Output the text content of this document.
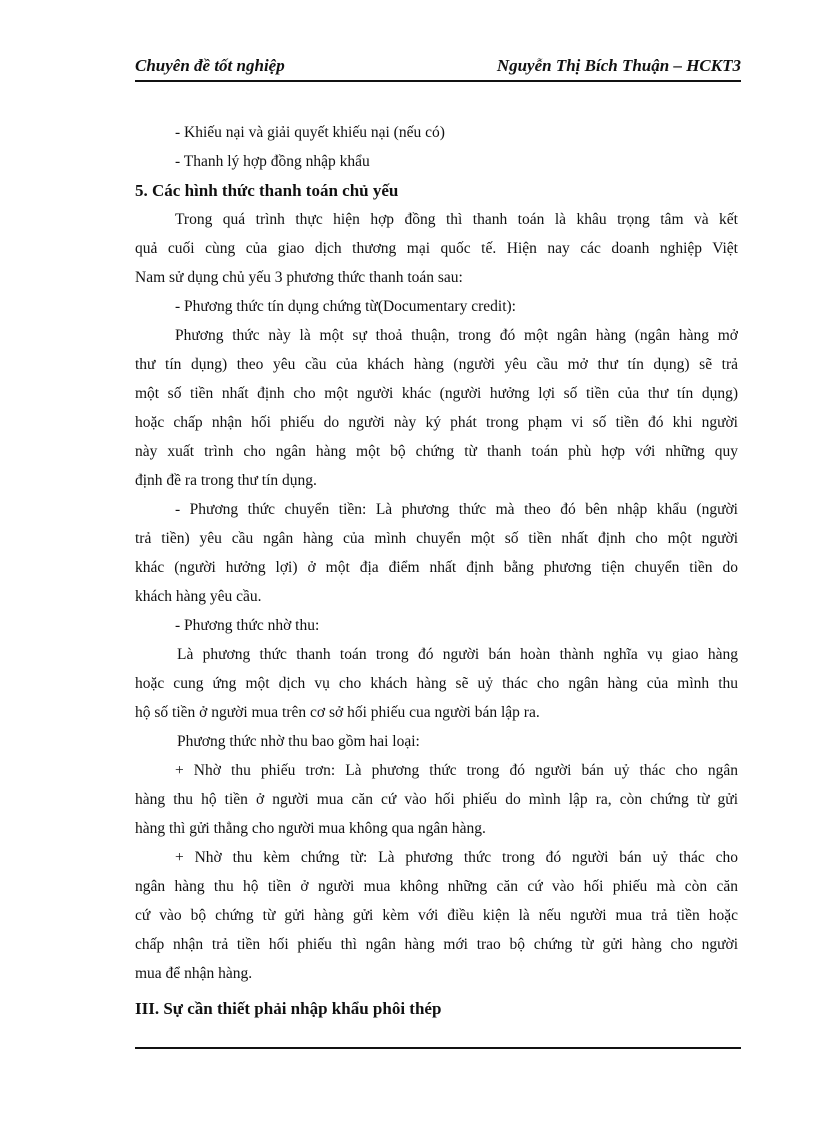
Chuyên đề tốt nghiệp	Nguyễn Thị Bích Thuận – HCKT3
- Khiếu nại và giải quyết khiếu nại (nếu có)
- Thanh lý hợp đồng nhập khẩu
5. Các hình thức thanh toán chủ yếu
Trong quá trình thực hiện hợp đồng thì thanh toán là khâu trọng tâm và kết
quả cuối cùng của giao dịch thương mại quốc tế. Hiện nay các doanh nghiệp Việt
Nam sử dụng chủ yếu 3 phương thức thanh toán sau:
- Phương thức tín dụng chứng từ(Documentary credit):
Phương thức này là một sự thoả thuận, trong đó một ngân hàng (ngân hàng mở
thư tín dụng) theo yêu cầu của khách hàng (người yêu cầu mở thư tín dụng) sẽ trả
một số tiền nhất định cho một người khác (người hưởng lợi số tiền của thư tín dụng)
hoặc chấp nhận hối phiếu do người này ký phát trong phạm vi số tiền đó khi người
này xuất trình cho ngân hàng một bộ chứng từ thanh toán phù hợp với những quy
định đề ra trong thư tín dụng.
- Phương thức chuyển tiền: Là phương thức mà theo đó bên nhập khẩu (người
trả tiền) yêu cầu ngân hàng của mình chuyển một số tiền nhất định cho một người
khác (người hưởng lợi) ở một địa điểm nhất định bằng phương tiện chuyển tiền do
khách hàng yêu cầu.
- Phương thức nhờ thu:
Là phương thức thanh toán trong đó người bán hoàn thành nghĩa vụ giao hàng
hoặc cung ứng một dịch vụ cho khách hàng sẽ uỷ thác cho ngân hàng của mình thu
hộ số tiền ở người mua trên cơ sở hối phiếu cua người bán lập ra.
Phương thức nhờ thu bao gồm hai loại:
+ Nhờ thu phiếu trơn: Là phương thức trong đó người bán uỷ thác cho ngân
hàng thu hộ tiền ở người mua căn cứ vào hối phiếu do mình lập ra, còn chứng từ gửi
hàng thì gửi thẳng cho người mua không qua ngân hàng.
+ Nhờ thu kèm chứng từ: Là phương thức trong đó người bán uỷ thác cho
ngân hàng thu hộ tiền ở người mua không những căn cứ vào hối phiếu mà còn căn
cứ vào bộ chứng từ gửi hàng gửi kèm với điều kiện là nếu người mua trả tiền hoặc
chấp nhận trả tiền hối phiếu thì ngân hàng mới trao bộ chứng từ gửi hàng cho người
mua để nhận hàng.
III. Sự cần thiết phải nhập khẩu phôi thép
